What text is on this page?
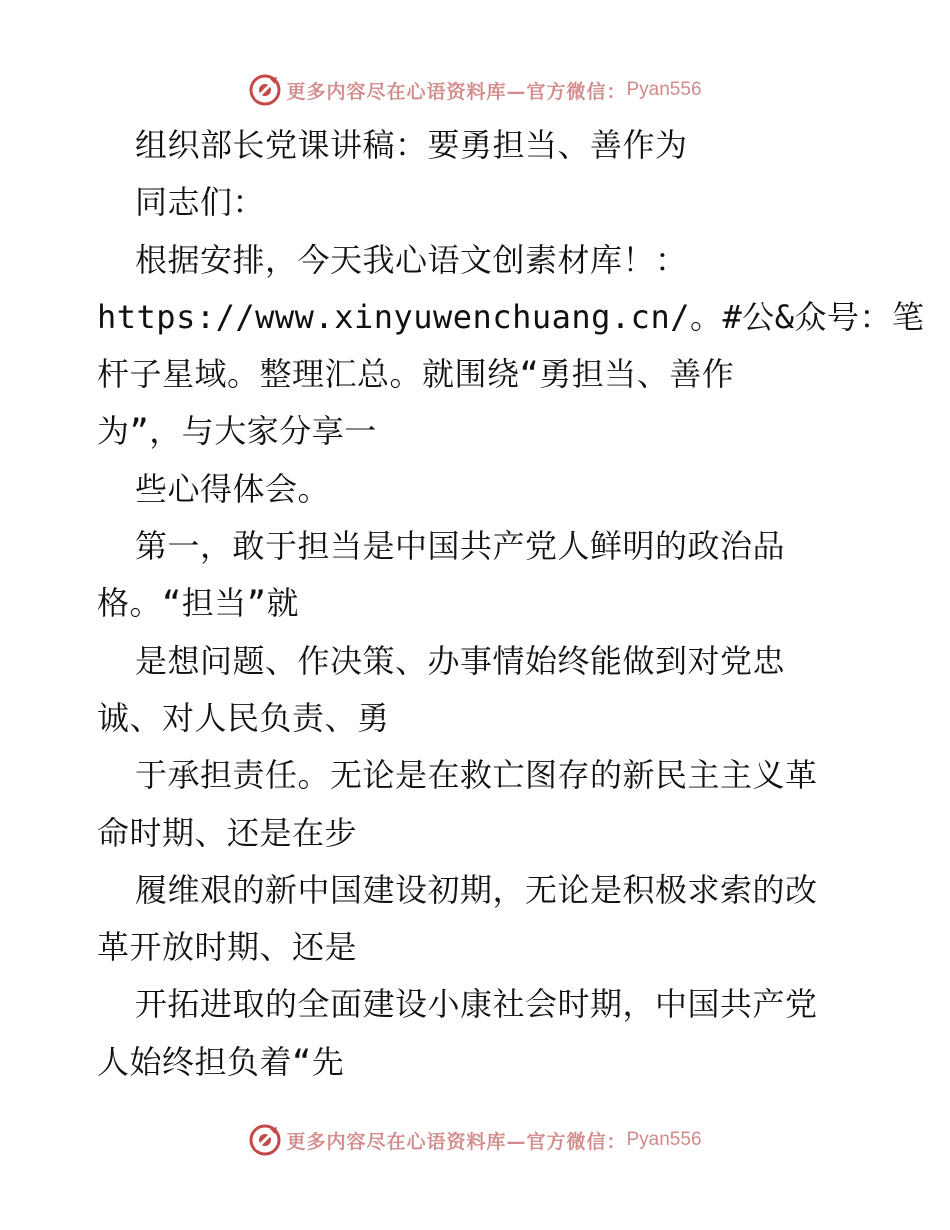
更多内容尽在心语资料库—官方微信： Pyan556
组织部长党课讲稿：要勇担当、善作为
同志们：
根据安排，今天我心语文创素材库！：
https://www.xinyuwenchuang.cn/。#公&众号：笔
杆子星域。整理汇总。就围绕“勇担当、善作
为”，与大家分享一
些心得体会。
第一，敢于担当是中国共产党人鲜明的政治品
格。“担当”就
是想问题、作决策、办事情始终能做到对党忠
诚、对人民负责、勇
于承担责任。无论是在救亡图存的新民主主义革
命时期、还是在步
履维艰的新中国建设初期，无论是积极求索的改
革开放时期、还是
开拓进取的全面建设小康社会时期，中国共产党
人始终担负着“先
更多内容尽在心语资料库—官方微信： Pyan556
